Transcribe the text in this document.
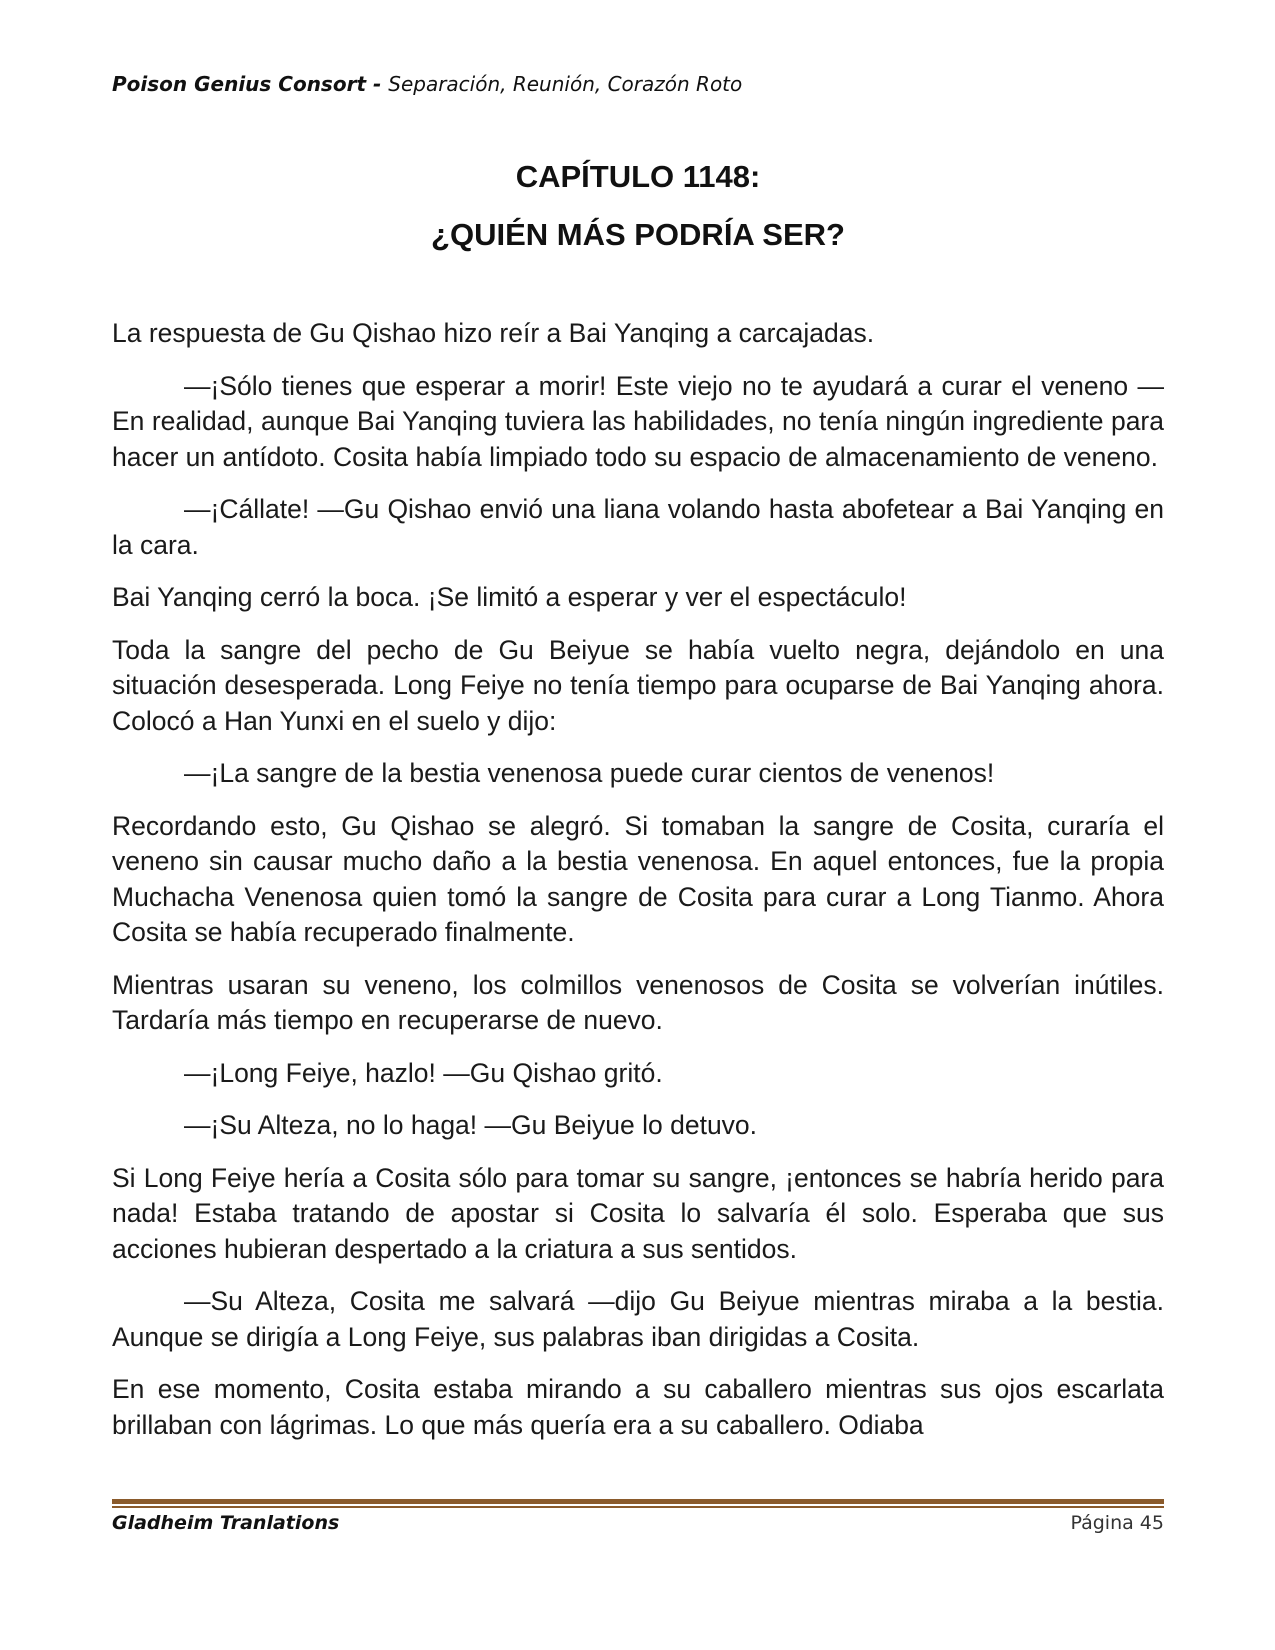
Poison Genius Consort - Separación, Reunión, Corazón Roto
CAPÍTULO 1148:
¿QUIÉN MÁS PODRÍA SER?

La respuesta de Gu Qishao hizo reír a Bai Yanqing a carcajadas.

—¡Sólo tienes que esperar a morir! Este viejo no te ayudará a curar el veneno —En realidad, aunque Bai Yanqing tuviera las habilidades, no tenía ningún ingrediente para hacer un antídoto. Cosita había limpiado todo su espacio de almacenamiento de veneno.

—¡Cállate! —Gu Qishao envió una liana volando hasta abofetear a Bai Yanqing en la cara.

Bai Yanqing cerró la boca. ¡Se limitó a esperar y ver el espectáculo!

Toda la sangre del pecho de Gu Beiyue se había vuelto negra, dejándolo en una situación desesperada. Long Feiye no tenía tiempo para ocuparse de Bai Yanqing ahora. Colocó a Han Yunxi en el suelo y dijo:

—¡La sangre de la bestia venenosa puede curar cientos de venenos!

Recordando esto, Gu Qishao se alegró. Si tomaban la sangre de Cosita, curaría el veneno sin causar mucho daño a la bestia venenosa. En aquel entonces, fue la propia Muchacha Venenosa quien tomó la sangre de Cosita para curar a Long Tianmo. Ahora Cosita se había recuperado finalmente.

Mientras usaran su veneno, los colmillos venenosos de Cosita se volverían inútiles. Tardaría más tiempo en recuperarse de nuevo.

—¡Long Feiye, hazlo! —Gu Qishao gritó.

—¡Su Alteza, no lo haga! —Gu Beiyue lo detuvo.

Si Long Feiye hería a Cosita sólo para tomar su sangre, ¡entonces se habría herido para nada! Estaba tratando de apostar si Cosita lo salvaría él solo. Esperaba que sus acciones hubieran despertado a la criatura a sus sentidos.

—Su Alteza, Cosita me salvará —dijo Gu Beiyue mientras miraba a la bestia. Aunque se dirigía a Long Feiye, sus palabras iban dirigidas a Cosita.

En ese momento, Cosita estaba mirando a su caballero mientras sus ojos escarlata brillaban con lágrimas. Lo que más quería era a su caballero. Odiaba

Gladheim Tranlations	Página 45
